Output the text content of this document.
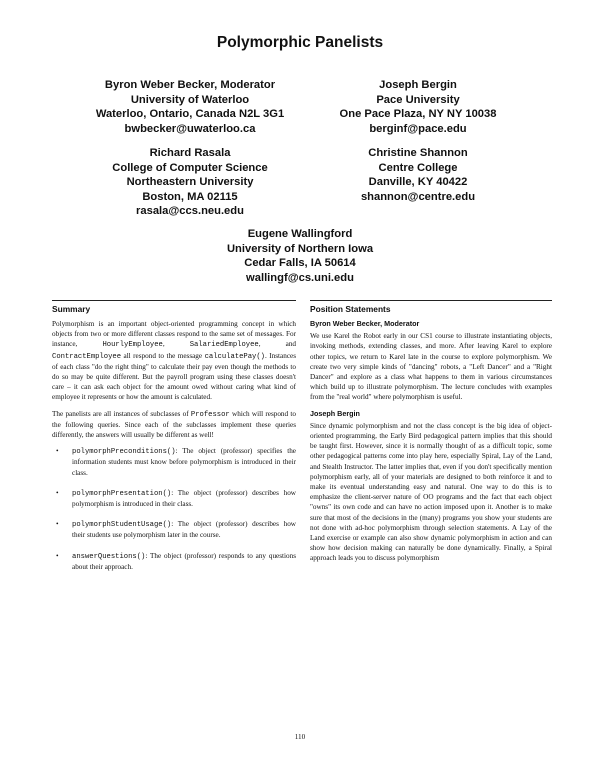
Polymorphic Panelists
Byron Weber Becker, Moderator
University of Waterloo
Waterloo, Ontario, Canada N2L 3G1
bwbecker@uwaterloo.ca
Joseph Bergin
Pace University
One Pace Plaza, NY NY 10038
berginf@pace.edu
Richard Rasala
College of Computer Science
Northeastern University
Boston, MA 02115
rasala@ccs.neu.edu
Christine Shannon
Centre College
Danville, KY 40422
shannon@centre.edu
Eugene Wallingford
University of Northern Iowa
Cedar Falls, IA 50614
wallingf@cs.uni.edu
Summary	Position Statements

Polymorphism is an important object-oriented programming concept in which objects from two or more different classes respond to the same set of messages. For instance,	HourlyEmployee,	SalariedEmployee, and ContractEmployee all respond to the message calculatePay(). Instances of each class "do the right thing" to calculate their pay even though the methods to do so may be quite different. But the payroll program using these classes doesn't care – it can ask each object for the amount owed without caring what kind of employee it represents or how the amount is calculated.

The panelists are all instances of subclasses of Professor which will respond to the following queries. Since each of the subclasses implement these queries differently, the answers will usually be different as well!

• polymorphPreconditions(): The object (professor) specifies the information students must know before polymorphism is introduced in their class.
• polymorphPresentation(): The object (professor) describes how polymorphism is introduced in their class.
• polymorphStudentUsage(): The object (professor) describes how their students use polymorphism later in the course.
• answerQuestions(): The object (professor) responds to any questions about their approach.
Byron Weber Becker, Moderator

We use Karel the Robot early in our CS1 course to illustrate instantiating objects, invoking methods, extending classes, and more. After leaving Karel to explore other topics, we return to Karel late in the course to explore polymorphism. We create two very simple kinds of "dancing" robots, a "Left Dancer" and a "Right Dancer" and explore as a class what happens to them in various circumstances which build up to illustrate polymorphism. The lecture concludes with examples from the "real world" where polymorphism is useful.

Joseph Bergin

Since dynamic polymorphism and not the class concept is the big idea of object-oriented programming, the Early Bird pedagogical pattern implies that this should be taught first. However, since it is normally thought of as a difficult topic, some other pedagogical patterns come into play here, especially Spiral, Lay of the Land, and Stealth Instructor. The latter implies that, even if you don't specifically mention polymorphism early, all of your materials are designed to both reinforce it and to make its eventual understanding easy and natural. One way to do this is to emphasize the client-server nature of OO programs and the fact that each object "owns" its own code and can have no action imposed upon it. Another is to make sure that most of the decisions in the (many) programs you show your students are not done with ad-hoc polymorphism through selection statements. A Lay of the Land exercise or example can also show dynamic polymorphism in action and can show how decision making can naturally be done dynamically. Finally, a Spiral approach leads you to discuss polymorphism

110
